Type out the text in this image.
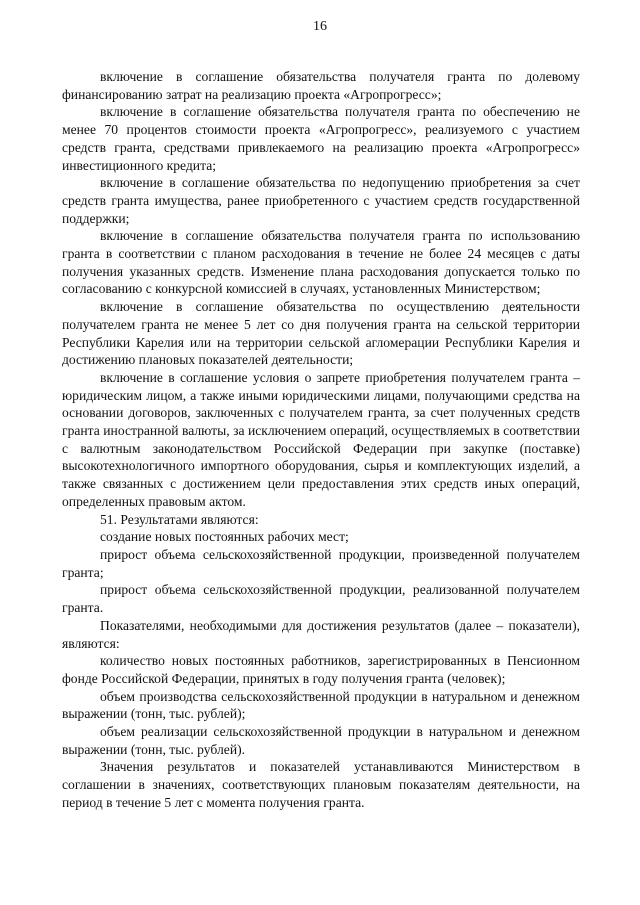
16

включение в соглашение обязательства получателя гранта по долевому финансированию затрат на реализацию проекта «Агропрогресс»;

включение в соглашение обязательства получателя гранта по обеспечению не менее 70 процентов стоимости проекта «Агропрогресс», реализуемого с участием средств гранта, средствами привлекаемого на реализацию проекта «Агропрогресс» инвестиционного кредита;

включение в соглашение обязательства по недопущению приобретения за счет средств гранта имущества, ранее приобретенного с участием средств государственной поддержки;

включение в соглашение обязательства получателя гранта по использованию гранта в соответствии с планом расходования в течение не более 24 месяцев с даты получения указанных средств. Изменение плана расходования допускается только по согласованию с конкурсной комиссией в случаях, установленных Министерством;

включение в соглашение обязательства по осуществлению деятельности получателем гранта не менее 5 лет со дня получения гранта на сельской территории Республики Карелия или на территории сельской агломерации Республики Карелия и достижению плановых показателей деятельности;

включение в соглашение условия о запрете приобретения получателем гранта – юридическим лицом, а также иными юридическими лицами, получающими средства на основании договоров, заключенных с получателем гранта, за счет полученных средств гранта иностранной валюты, за исключением операций, осуществляемых в соответствии с валютным законодательством Российской Федерации при закупке (поставке) высокотехнологичного импортного оборудования, сырья и комплектующих изделий, а также связанных с достижением цели предоставления этих средств иных операций, определенных правовым актом.

51. Результатами являются:

создание новых постоянных рабочих мест;

прирост объема сельскохозяйственной продукции, произведенной получателем гранта;

прирост объема сельскохозяйственной продукции, реализованной получателем гранта.

Показателями, необходимыми для достижения результатов (далее – показатели), являются:

количество новых постоянных работников, зарегистрированных в Пенсионном фонде Российской Федерации, принятых в году получения гранта (человек);

объем производства сельскохозяйственной продукции в натуральном и денежном выражении (тонн, тыс. рублей);

объем реализации сельскохозяйственной продукции в натуральном и денежном выражении (тонн, тыс. рублей).

Значения результатов и показателей устанавливаются Министерством в соглашении в значениях, соответствующих плановым показателям деятельности, на период в течение 5 лет с момента получения гранта.
